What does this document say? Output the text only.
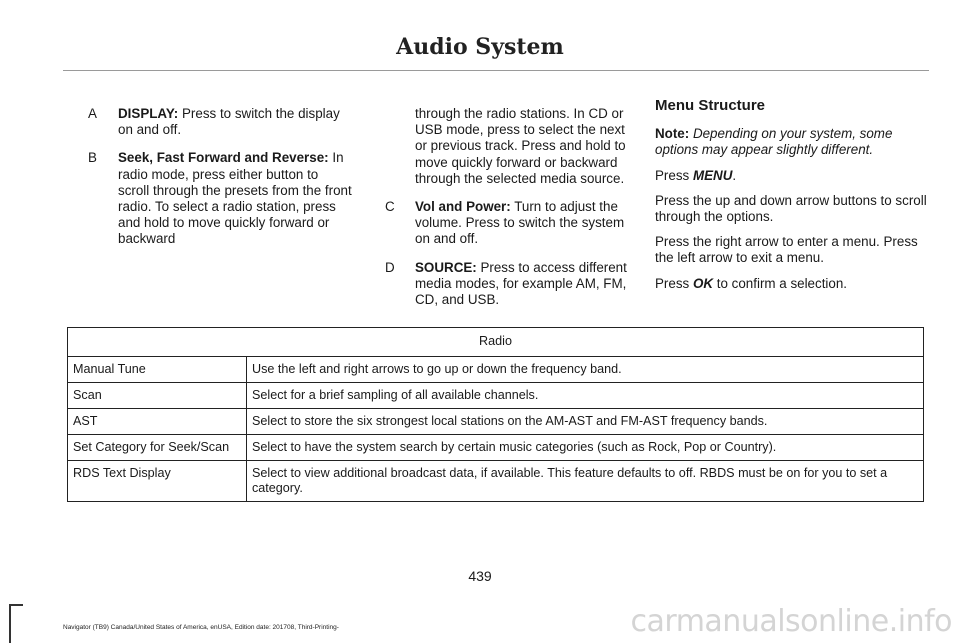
Audio System
A	DISPLAY: Press to switch the display on and off.
B	Seek, Fast Forward and Reverse: In radio mode, press either button to scroll through the presets from the front radio. To select a radio station, press and hold to move quickly forward or backward
through the radio stations. In CD or USB mode, press to select the next or previous track. Press and hold to move quickly forward or backward through the selected media source.
C	Vol and Power: Turn to adjust the volume. Press to switch the system on and off.
D	SOURCE: Press to access different media modes, for example AM, FM, CD, and USB.
Menu Structure

Note: Depending on your system, some options may appear slightly different.

Press MENU.

Press the up and down arrow buttons to scroll through the options.

Press the right arrow to enter a menu. Press the left arrow to exit a menu.

Press OK to confirm a selection.

Radio	
Manual Tune	Use the left and right arrows to go up or down the frequency band.
Scan	Select for a brief sampling of all available channels.
AST	Select to store the six strongest local stations on the AM-AST and FM-AST frequency bands.
Set Category for Seek/Scan	Select to have the system search by certain music categories (such as Rock, Pop or Country).
RDS Text Display	Select to view additional broadcast data, if available. This feature defaults to off. RBDS must be on for you to set a category.
439
Navigator (TB9) Canada/United States of America, enUSA, Edition date: 201708, Third-Printing-	carmanualsonline.info
